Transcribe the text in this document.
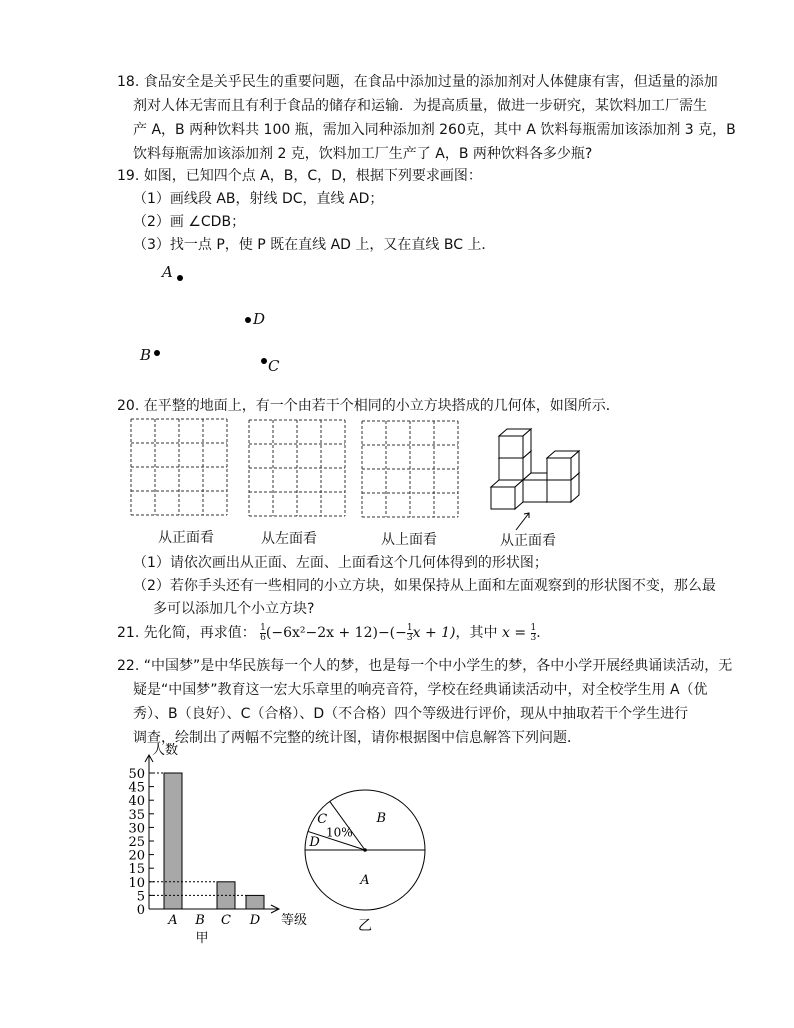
18. 食品安全是关乎民生的重要问题，在食品中添加过量的添加剂对人体健康有害，但适量的添加
剂对人体无害而且有利于食品的储存和运输．为提高质量，做进一步研究，某饮料加工厂需生
产 A，B 两种饮料共 100 瓶，需加入同种添加剂 260克，其中 A 饮料每瓶需加该添加剂 3 克，B
饮料每瓶需加该添加剂 2 克，饮料加工厂生产了 A，B 两种饮料各多少瓶?
19. 如图，已知四个点 A，B，C，D，根据下列要求画图：
（1）画线段 AB，射线 DC，直线 AD；
（2）画 ∠CDB；
（3）找一点 P，使 P 既在直线 AD 上，又在直线 BC 上．
A
D
B
C
20. 在平整的地面上，有一个由若干个相同的小立方块搭成的几何体，如图所示．
从正面看	从左面看	从上面看	从正面看
（1）请依次画出从正面、左面、上面看这个几何体得到的形状图；
（2）若你手头还有一些相同的小立方块，如果保持从上面和左面观察到的形状图不变，那么最
多可以添加几个小立方块?
21. 先化简，再求值： $\frac{1}{6} (-6x^2-2x + 12)-(- \frac{1}{3}$ x + 1)，其中 $x = \frac{1}{3}$ .
22. “中国梦”是中华民族每一个人的梦，也是每一个中小学生的梦，各中小学开展经典诵读活动，无
疑是“中国梦”教育这一宏大乐章里的响亮音符，学校在经典诵读活动中，对全校学生用 A（优
秀）、B（良好）、C（合格）、D（不合格）四个等级进行评价，现从中抽取若干个学生进行
调查，绘制出了两幅不完整的统计图，请你根据图中信息解答下列问题．
人数
等级
0
5
10
15
20
25
30
35
40
45
50
A B C D
甲
A
B
C
10%
D
乙
